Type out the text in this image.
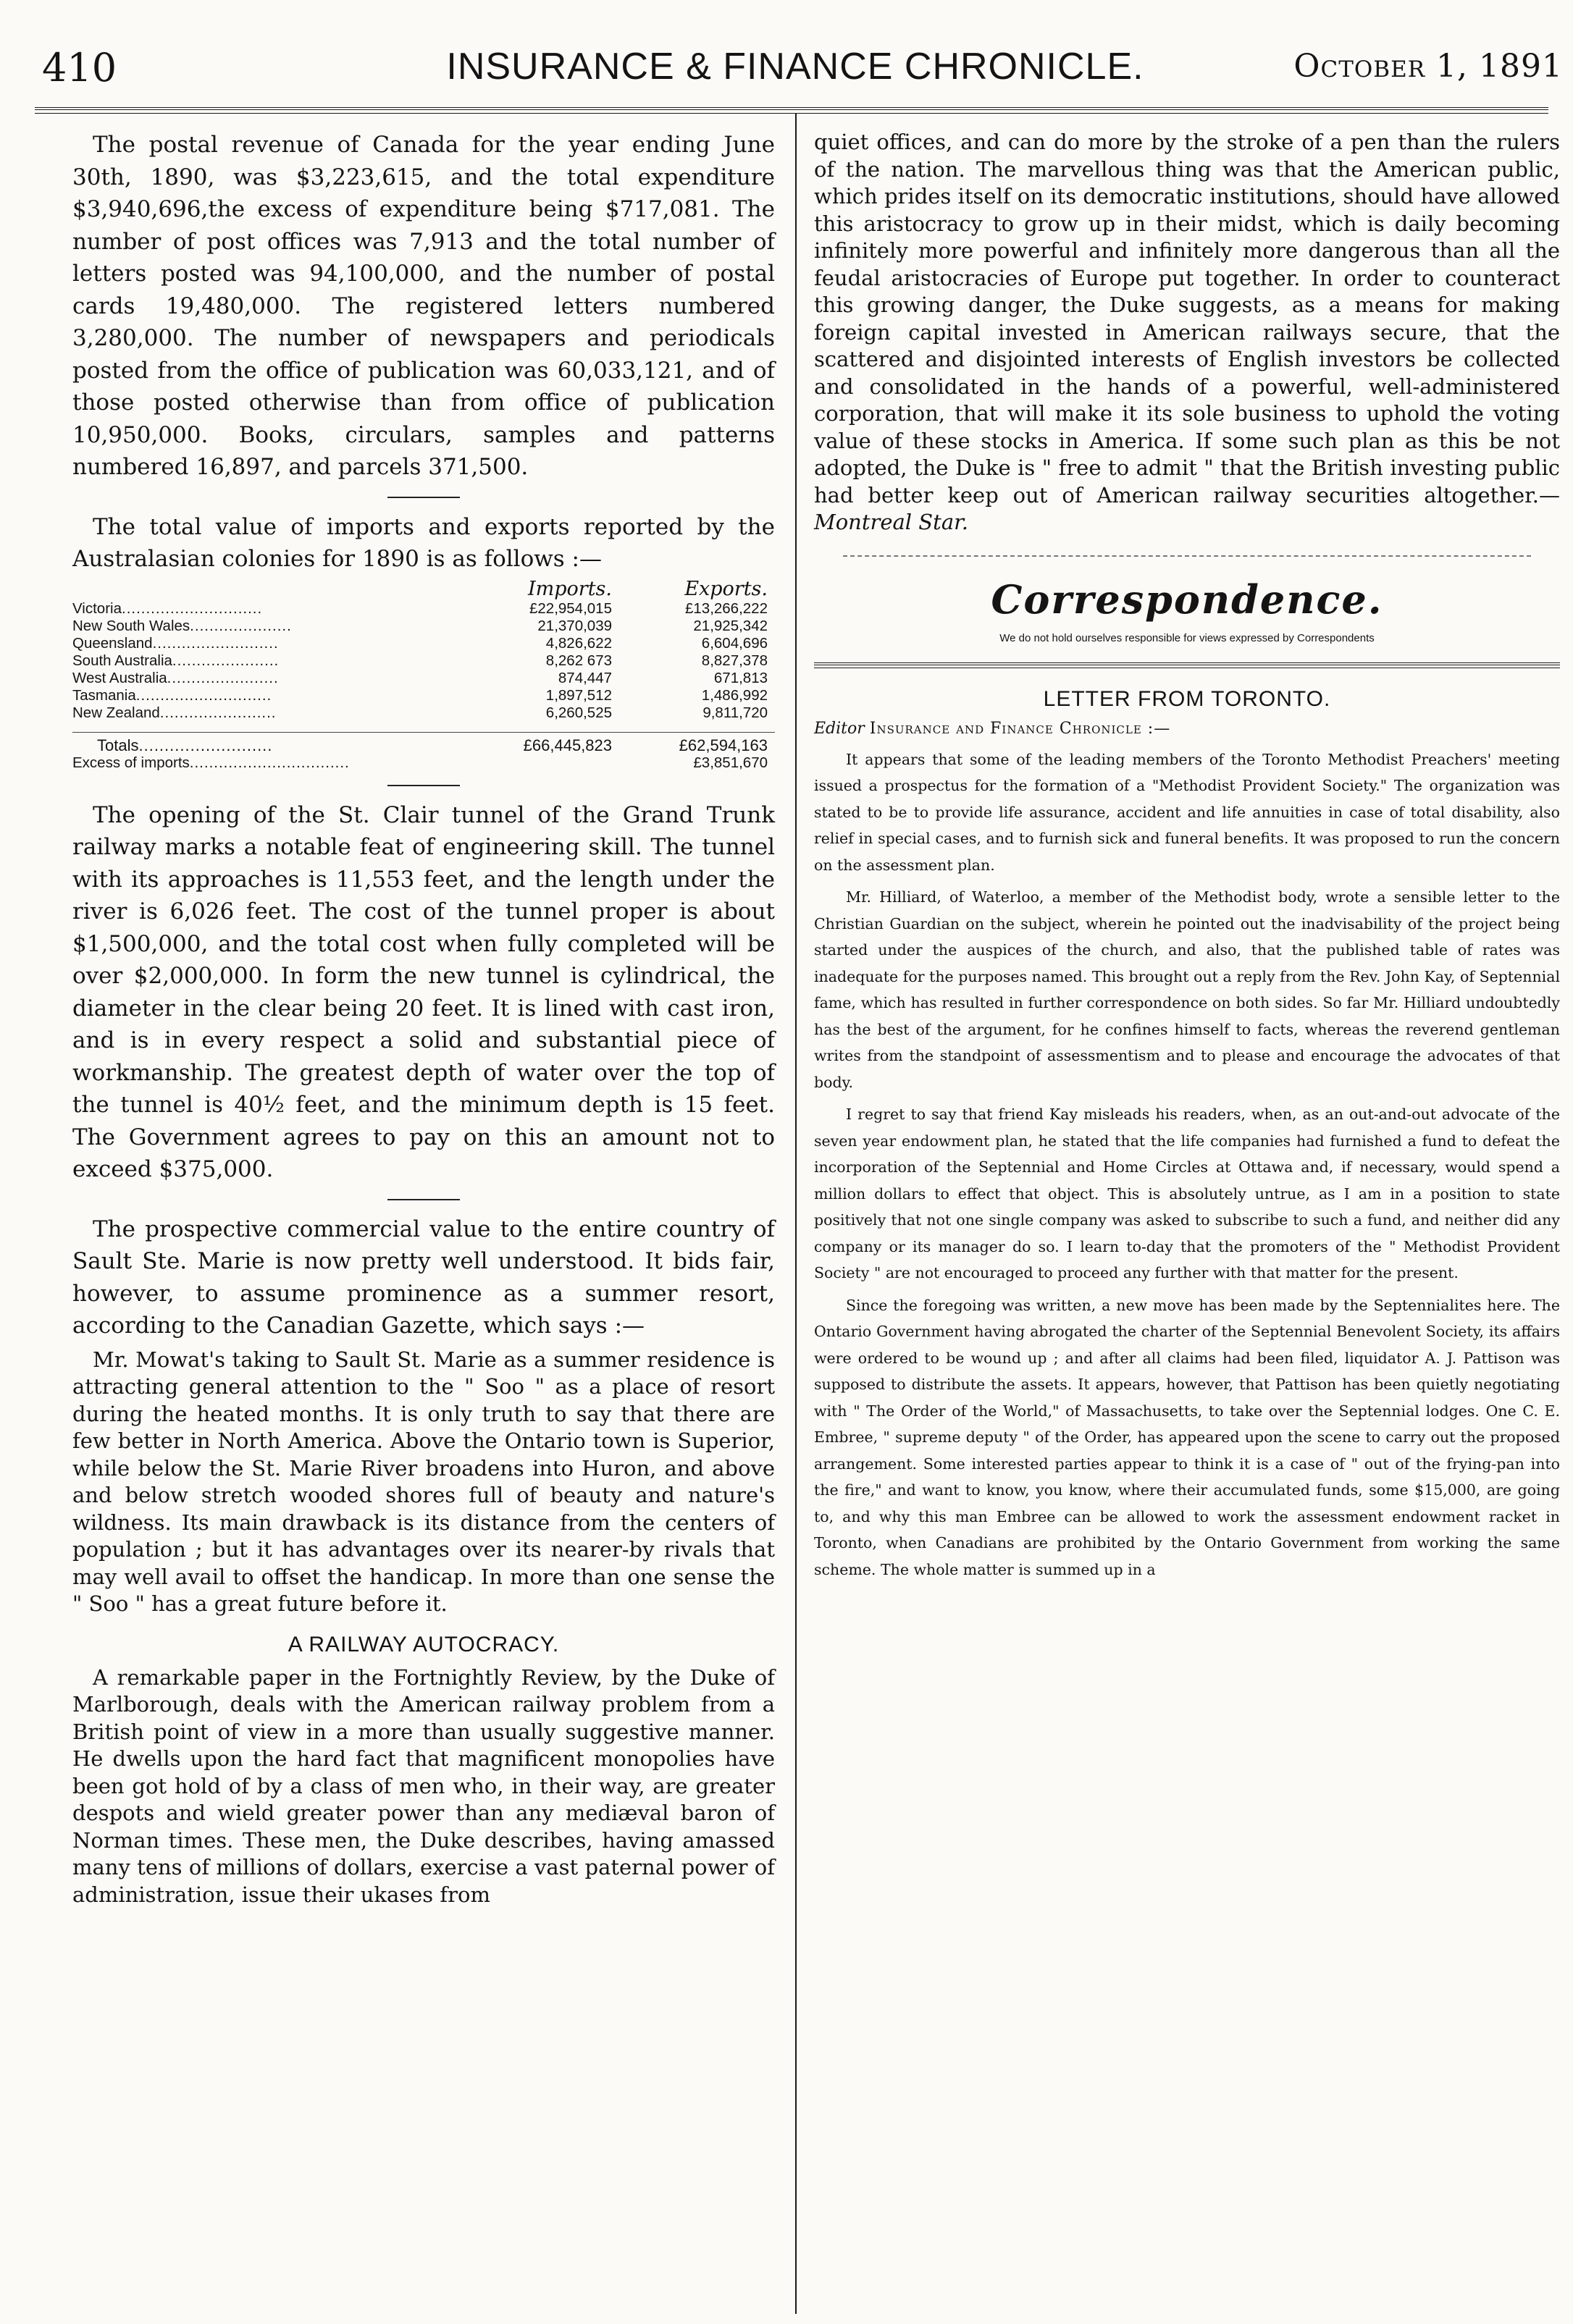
410	INSURANCE & FINANCE CHRONICLE.	October 1, 1891

The postal revenue of Canada for the year ending June 30th, 1890, was $3,223,615, and the total expenditure $3,940,696,the excess of expenditure being $717,081. The number of post offices was 7,913 and the total number of letters posted was 94,100,000, and the number of postal cards 19,480,000. The registered letters numbered 3,280,000. The number of newspapers and periodicals posted from the office of publication was 60,033,121, and of those posted otherwise than from office of publication 10,950,000. Books, circulars, samples and patterns numbered 16,897, and parcels 371,500.

The total value of imports and exports reported by the Australasian colonies for 1890 is as follows :—

	Imports.	Exports.
Victoria.............................	£22,954,015	£13,266,222
New South Wales.....................	21,370,039	21,925,342
Queensland..........................	4,826,622	6,604,696
South Australia......................	8,262 673	8,827,378
West Australia.......................	874,447	671,813
Tasmania............................	1,897,512	1,486,992
New Zealand........................	6,260,525	9,811,720

Totals..........................	£66,445,823	£62,594,163
Excess of imports.................................		£3,851,670

The opening of the St. Clair tunnel of the Grand Trunk railway marks a notable feat of engineering skill. The tunnel with its approaches is 11,553 feet, and the length under the river is 6,026 feet. The cost of the tunnel proper is about $1,500,000, and the total cost when fully completed will be over $2,000,000. In form the new tunnel is cylindrical, the diameter in the clear being 20 feet. It is lined with cast iron, and is in every respect a solid and substantial piece of workmanship. The greatest depth of water over the top of the tunnel is 40½ feet, and the minimum depth is 15 feet. The Government agrees to pay on this an amount not to exceed $375,000.

The prospective commercial value to the entire country of Sault Ste. Marie is now pretty well understood. It bids fair, however, to assume prominence as a summer resort, according to the Canadian Gazette, which says :—

Mr. Mowat's taking to Sault St. Marie as a summer residence is attracting general attention to the " Soo " as a place of resort during the heated months. It is only truth to say that there are few better in North America. Above the Ontario town is Superior, while below the St. Marie River broadens into Huron, and above and below stretch wooded shores full of beauty and nature's wildness. Its main drawback is its distance from the centers of population ; but it has advantages over its nearer-by rivals that may well avail to offset the handicap. In more than one sense the " Soo " has a great future before it.

A RAILWAY AUTOCRACY.

A remarkable paper in the Fortnightly Review, by the Duke of Marlborough, deals with the American railway problem from a British point of view in a more than usually suggestive manner. He dwells upon the hard fact that magnificent monopolies have been got hold of by a class of men who, in their way, are greater despots and wield greater power than any mediæval baron of Norman times. These men, the Duke describes, having amassed many tens of millions of dollars, exercise a vast paternal power of administration, issue their ukases from

quiet offices, and can do more by the stroke of a pen than the rulers of the nation. The marvellous thing was that the American public, which prides itself on its democratic institutions, should have allowed this aristocracy to grow up in their midst, which is daily becoming infinitely more powerful and infinitely more dangerous than all the feudal aristocracies of Europe put together. In order to counteract this growing danger, the Duke suggests, as a means for making foreign capital invested in American railways secure, that the scattered and disjointed interests of English investors be collected and consolidated in the hands of a powerful, well-administered corporation, that will make it its sole business to uphold the voting value of these stocks in America. If some such plan as this be not adopted, the Duke is " free to admit " that the British investing public had better keep out of American railway securities altogether.—Montreal Star.

Correspondence.
We do not hold ourselves responsible for views expressed by Correspondents
LETTER FROM TORONTO.
Editor Insurance and Finance Chronicle :—

It appears that some of the leading members of the Toronto Methodist Preachers' meeting issued a prospectus for the formation of a "Methodist Provident Society." The organization was stated to be to provide life assurance, accident and life annuities in case of total disability, also relief in special cases, and to furnish sick and funeral benefits. It was proposed to run the concern on the assessment plan.

Mr. Hilliard, of Waterloo, a member of the Methodist body, wrote a sensible letter to the Christian Guardian on the subject, wherein he pointed out the inadvisability of the project being started under the auspices of the church, and also, that the published table of rates was inadequate for the purposes named. This brought out a reply from the Rev. John Kay, of Septennial fame, which has resulted in further correspondence on both sides. So far Mr. Hilliard undoubtedly has the best of the argument, for he confines himself to facts, whereas the reverend gentleman writes from the standpoint of assessmentism and to please and encourage the advocates of that body.

I regret to say that friend Kay misleads his readers, when, as an out-and-out advocate of the seven year endowment plan, he stated that the life companies had furnished a fund to defeat the incorporation of the Septennial and Home Circles at Ottawa and, if necessary, would spend a million dollars to effect that object. This is absolutely untrue, as I am in a position to state positively that not one single company was asked to subscribe to such a fund, and neither did any company or its manager do so. I learn to-day that the promoters of the " Methodist Provident Society " are not encouraged to proceed any further with that matter for the present.

Since the foregoing was written, a new move has been made by the Septennialites here. The Ontario Government having abrogated the charter of the Septennial Benevolent Society, its affairs were ordered to be wound up ; and after all claims had been filed, liquidator A. J. Pattison was supposed to distribute the assets. It appears, however, that Pattison has been quietly negotiating with " The Order of the World," of Massachusetts, to take over the Septennial lodges. One C. E. Embree, " supreme deputy " of the Order, has appeared upon the scene to carry out the proposed arrangement. Some interested parties appear to think it is a case of " out of the frying-pan into the fire," and want to know, you know, where their accumulated funds, some $15,000, are going to, and why this man Embree can be allowed to work the assessment endowment racket in Toronto, when Canadians are prohibited by the Ontario Government from working the same scheme. The whole matter is summed up in a
